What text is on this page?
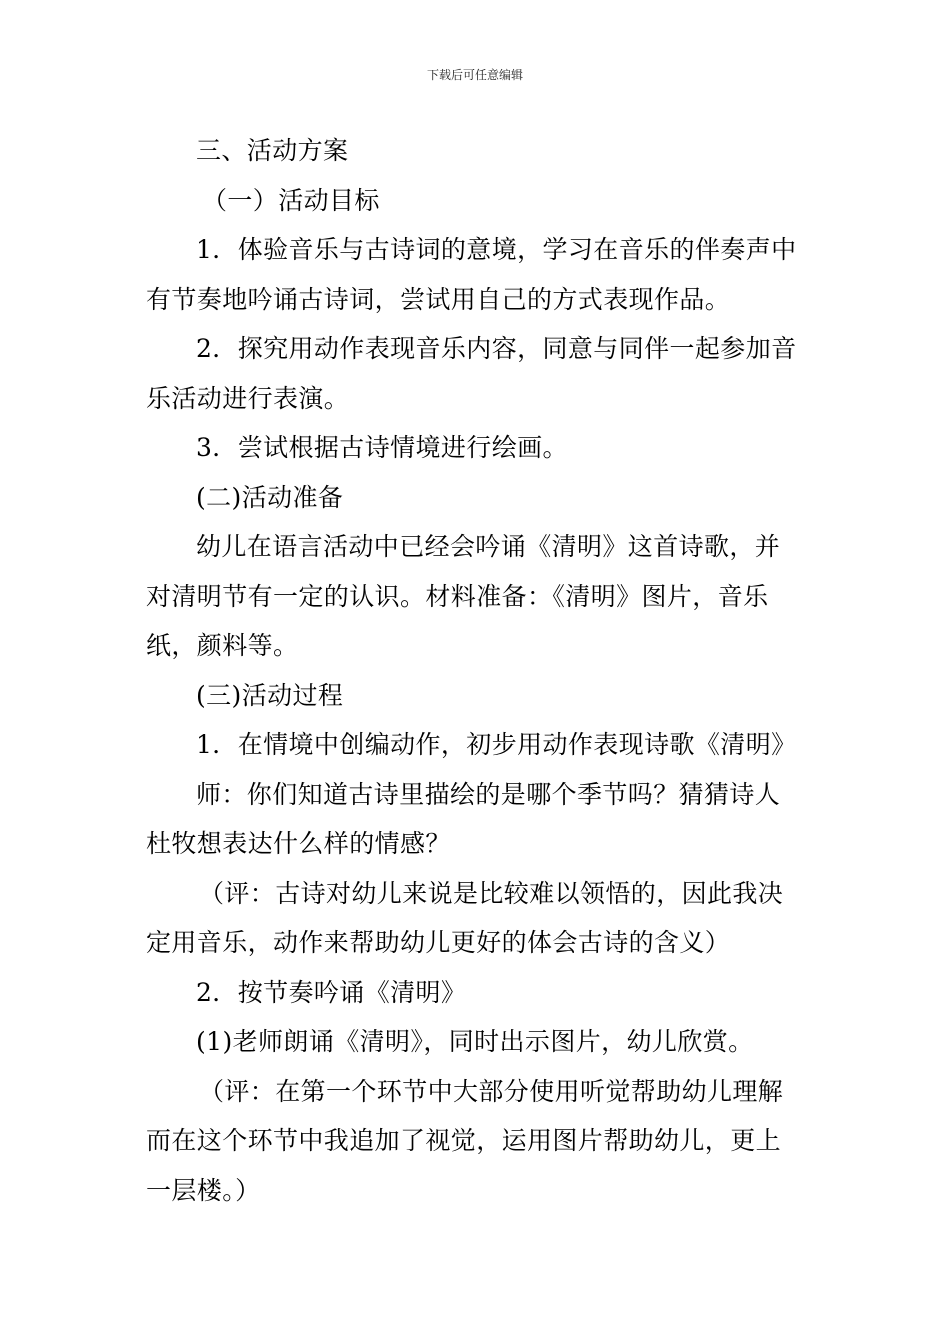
下载后可任意编辑
三、活动方案
（一）活动目标
1．体验音乐与古诗词的意境，学习在音乐的伴奏声中
有节奏地吟诵古诗词，尝试用自己的方式表现作品。
2．探究用动作表现音乐内容，同意与同伴一起参加音
乐活动进行表演。
3．尝试根据古诗情境进行绘画。
(二)活动准备
幼儿在语言活动中已经会吟诵《清明》这首诗歌，并
对清明节有一定的认识。材料准备：《清明》图片，音乐
纸，颜料等。
(三)活动过程
1．在情境中创编动作，初步用动作表现诗歌《清明》
师：你们知道古诗里描绘的是哪个季节吗？猜猜诗人
杜牧想表达什么样的情感？
（评：古诗对幼儿来说是比较难以领悟的，因此我决
定用音乐，动作来帮助幼儿更好的体会古诗的含义）
2．按节奏吟诵《清明》
(1)老师朗诵《清明》，同时出示图片，幼儿欣赏。
（评：在第一个环节中大部分使用听觉帮助幼儿理解
而在这个环节中我追加了视觉，运用图片帮助幼儿，更上
一层楼。）
